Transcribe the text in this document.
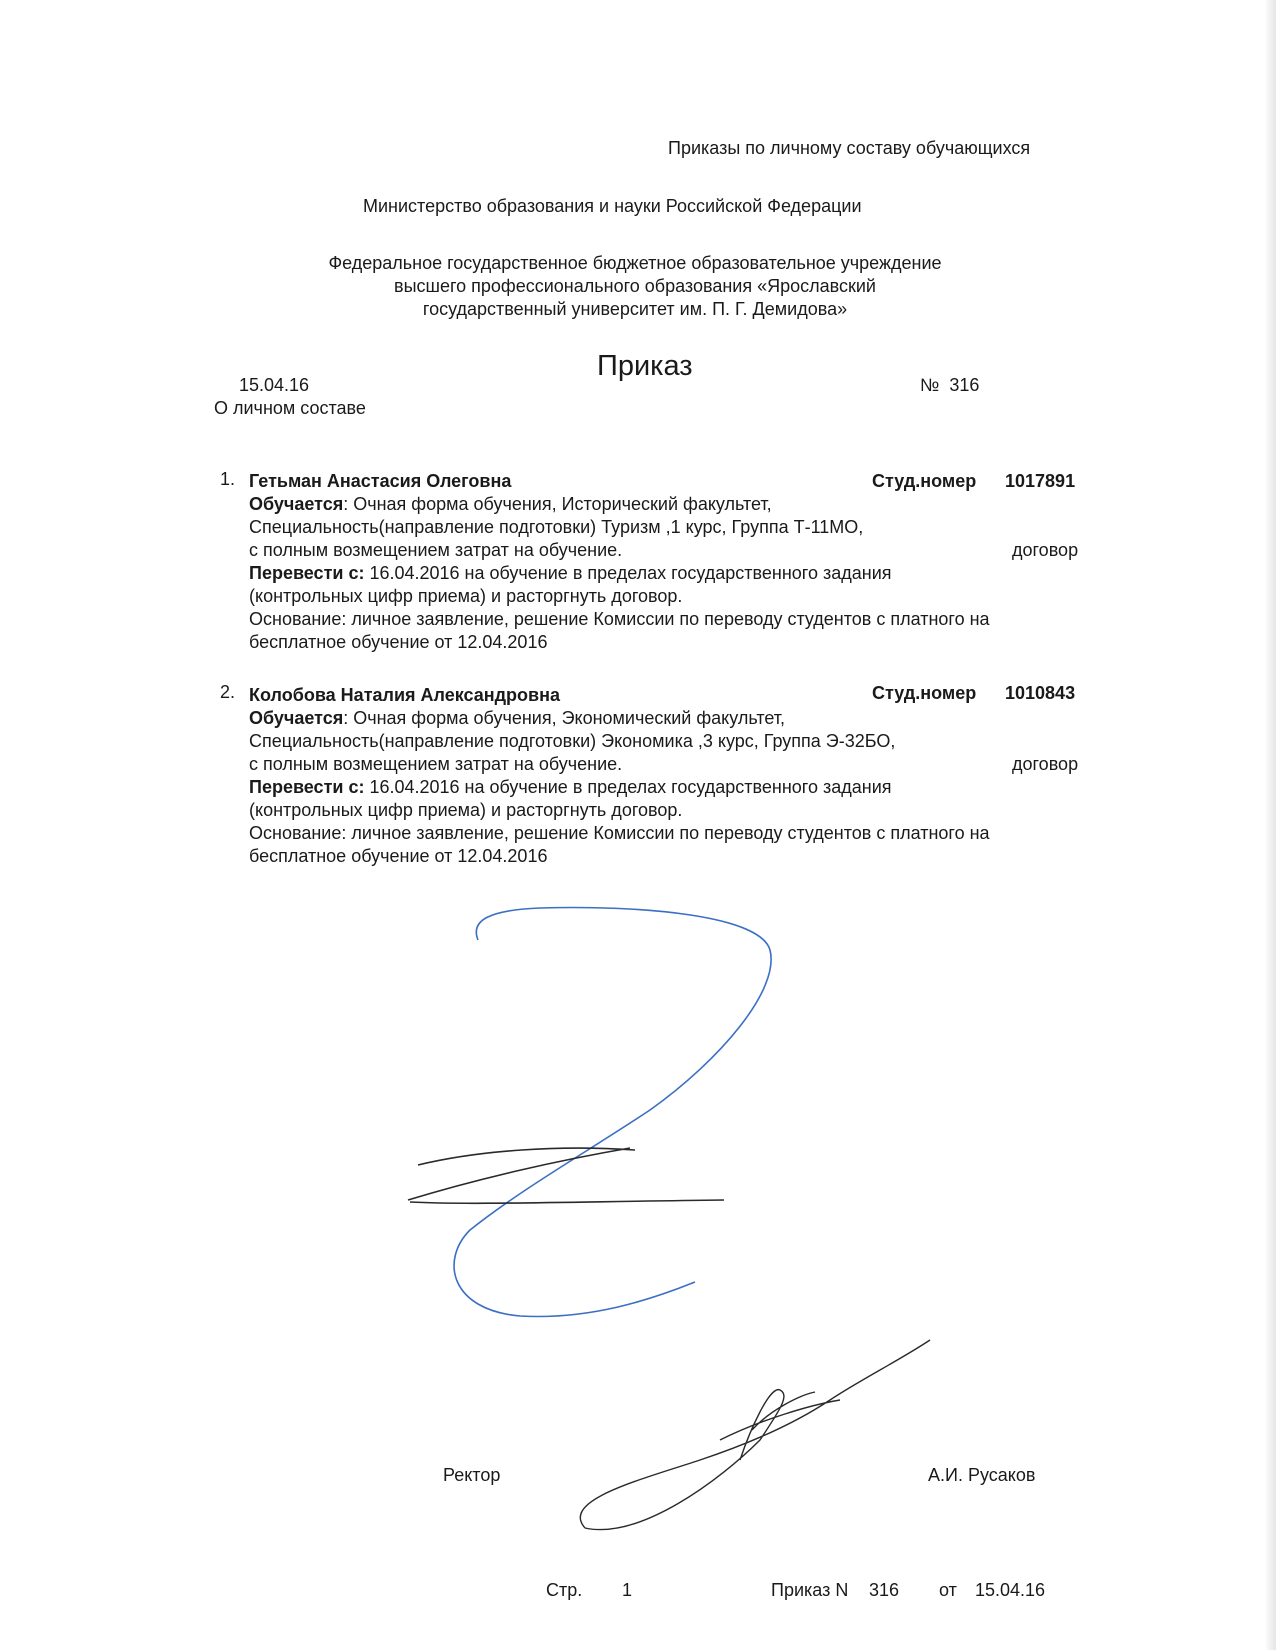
Приказы по личному составу обучающихся
Министерство образования и науки Российской Федерации
Федеральное государственное бюджетное образовательное учреждение
высшего профессионального образования «Ярославский
государственный университет им. П. Г. Демидова»
Приказ
15.04.16
О личном составе
№ 316
1. Гетьман Анастасия Олеговна	Студ.номер 1017891
Обучается: Очная форма обучения, Исторический факультет,
Специальность(направление подготовки) Туризм ,1 курс, Группа Т-11МО,
с полным возмещением затрат на обучение.	договор
Перевести с: 16.04.2016 на обучение в пределах государственного задания
(контрольных цифр приема) и расторгнуть договор.
Основание: личное заявление, решение Комиссии по переводу студентов с платного на
бесплатное обучение от 12.04.2016
2. Колобова Наталия Александровна	Студ.номер 1010843
Обучается: Очная форма обучения, Экономический факультет,
Специальность(направление подготовки) Экономика ,3 курс, Группа Э-32БО,
с полным возмещением затрат на обучение.	договор
Перевести с: 16.04.2016 на обучение в пределах государственного задания
(контрольных цифр приема) и расторгнуть договор.
Основание: личное заявление, решение Комиссии по переводу студентов с платного на
бесплатное обучение от 12.04.2016
Ректор	А.И. Русаков
Стр. 1	Приказ N 316 от 15.04.16
